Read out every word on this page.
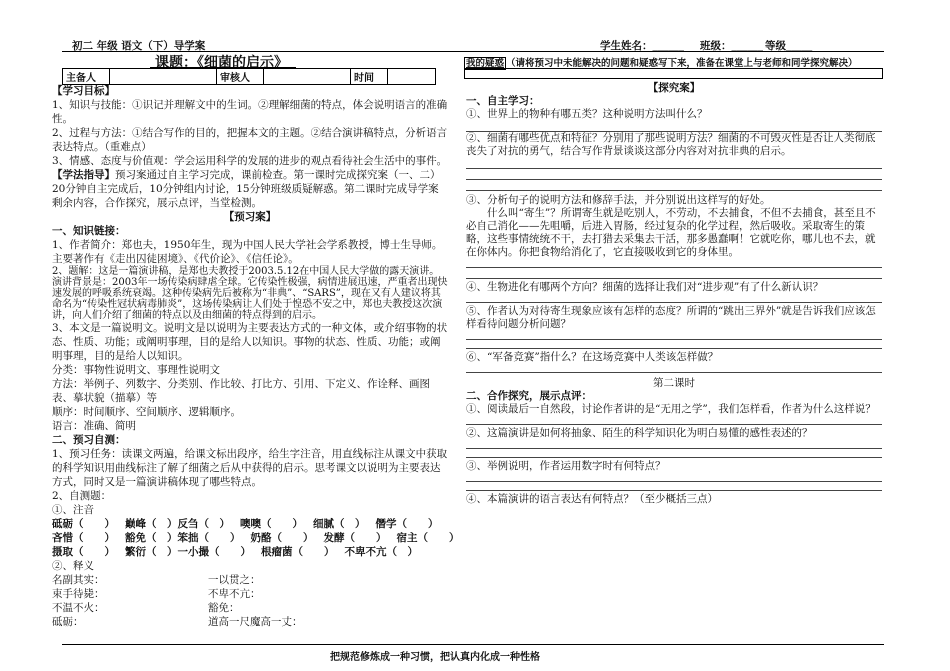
初二 年级 语文（下）导学案	学生姓名：______ 班级：______ 等级_____
课题：《细菌的启示》
主备人		审核人		时间	
我的疑惑 （请将预习中未能解决的问题和疑惑写下来，准备在课堂上与老师和同学探究解决）

【学习目标】

1、知识与技能：①识记并理解文中的生词。②理解细菌的特点，体会说明语言的准确性。

2、过程与方法：①结合写作的目的，把握本文的主题。②结合演讲稿特点，分析语言表达特点。（重难点）

3、情感、态度与价值观：学会运用科学的发展的进步的观点看待社会生活中的事件。

【学法指导】预习案通过自主学习完成，课前检查。第一课时完成探究案（一、二）20分钟自主完成后，10分钟组内讨论，15分钟班级质疑解惑。第二课时完成导学案剩余内容，合作探究，展示点评，当堂检测。

【预习案】

一、知识链接：

1、作者简介：郑也夫，1950年生，现为中国人民大学社会学系教授，博士生导师。主要著作有《走出囚徒困境》、《代价论》、《信任论》。

2、题解：这是一篇演讲稿，是郑也夫教授于2003.5.12在中国人民大学做的露天演讲。演讲背景是：2003年一场传染病肆虐全球。它传染性极强，病情进展迅速，严重者出现快速发展的呼吸系统衰竭。这种传染病先后被称为“非典”、“SARS”，现在又有人建议将其命名为“传染性冠状病毒肺炎”，这场传染病让人们处于惶恐不安之中，郑也夫教授这次演讲，向人们介绍了细菌的特点以及由细菌的特点得到的启示。

3、本文是一篇说明文。说明文是以说明为主要表达方式的一种文体，或介绍事物的状态、性质、功能；或阐明事理，目的是给人以知识。事物的状态、性质、功能；或阐明事理，目的是给人以知识。

分类：事物性说明文、事理性说明文

方法：举例子、列数字、分类别、作比较、打比方、引用、下定义、作诠释、画图表、摹状貌（描摹）等

顺序：时间顺序、空间顺序、逻辑顺序。

语言：准确、简明

二、预习自测：

1、预习任务：读课文两遍，给课文标出段序，给生字注音，用直线标注从课文中获取的科学知识用曲线标注了解了细菌之后从中获得的启示。思考课文以说明为主要表达方式，同时又是一篇演讲稿体现了哪些特点。

2、自测题：

①、注音

砥砺（　　） 巅峰（　）反刍（　） 噢噢（　　） 细腻（　） 僭学（　　）
吝惜（　　） 豁免（　）笨拙（　　） 奶酪（　　） 发酵（　　） 宿主（　　）
摄取（　　） 繁衍（　）一小撮（　　） 根瘤菌（　　） 不卑不亢（　）

②、释义

名副其实：	一以贯之：
束手待毙：	不卑不亢：
不温不火：	豁免：
砥砺：	道高一尺魔高一丈：

【探究案】

一、自主学习：

①、世界上的物种有哪五类？这种说明方法叫什么？

②、细菌有哪些优点和特征？分别用了那些说明方法？细菌的不可毁灭性是否让人类彻底丧失了对抗的勇气，结合写作背景谈谈这部分内容对对抗非典的启示。

③、分析句子的说明方法和修辞手法，并分别说出这样写的好处。

什么叫“寄生”？所谓寄生就是吃别人，不劳动，不去捕食，不但不去捕食，甚至且不必自己消化——先咀嚼，后进入胃肠，经过复杂的化学过程，然后吸收。采取寄生的策略，这些事情统统不干，去打猎去采集去干活，那多愚蠢啊！它就吃你，哪儿也不去，就在你体内。你把食物给消化了，它直接吸收到它的身体里。

④、生物进化有哪两个方向？细菌的选择让我们对“进步观”有了什么新认识？

⑤、作者认为对待寄生现象应该有怎样的态度？所谓的“跳出三界外”就是告诉我们应该怎样看待问题分析问题？

⑥、“军备竞赛”指什么？在这场竞赛中人类该怎样做？

第二课时

二、合作探究，展示点评：

①、阅读最后一自然段，讨论作者讲的是“无用之学”，我们怎样看，作者为什么这样说？

②、这篇演讲是如何将抽象、陌生的科学知识化为明白易懂的感性表述的？

③、举例说明，作者运用数字时有何特点？

④、本篇演讲的语言表达有何特点？（至少概括三点）

把规范修炼成一种习惯，把认真内化成一种性格
